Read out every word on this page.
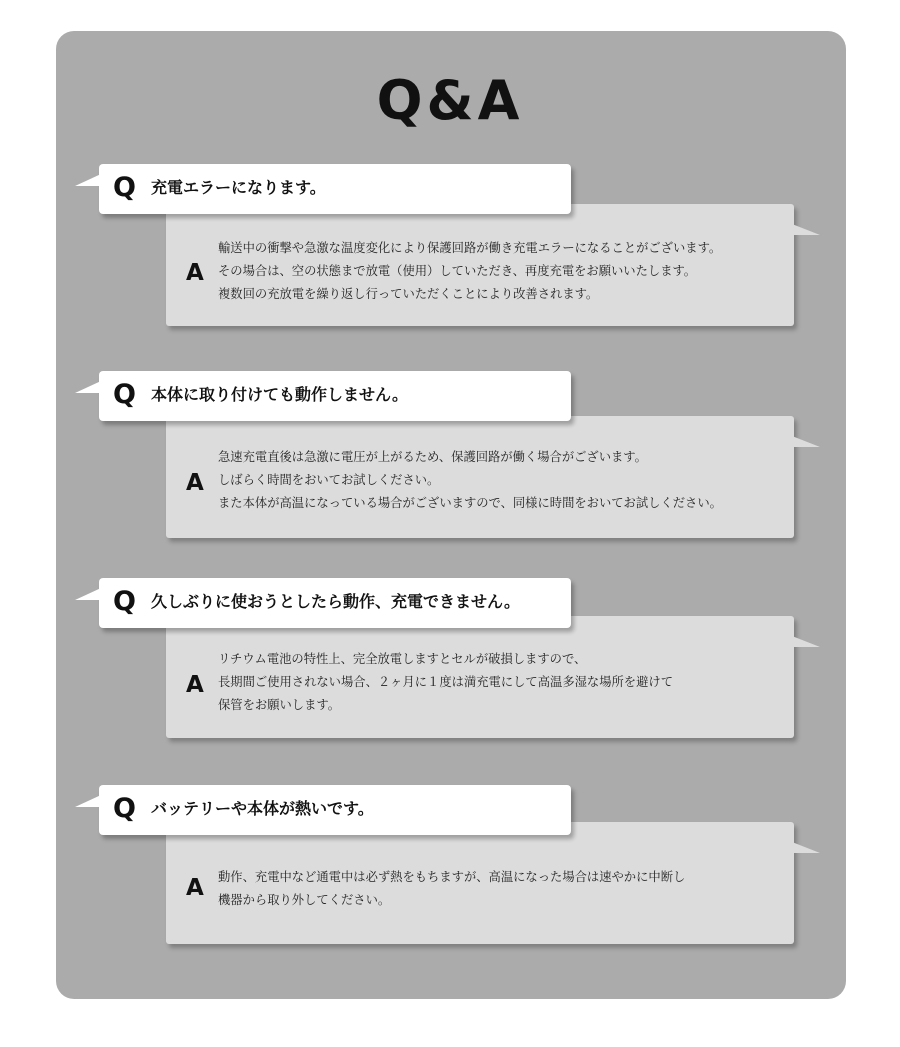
Q&A
A
輸送中の衝撃や急激な温度変化により保護回路が働き充電エラーになることがございます。
その場合は、空の状態まで放電（使用）していただき、再度充電をお願いいたします。
複数回の充放電を繰り返し行っていただくことにより改善されます。
Q 充電エラーになります。
A
急速充電直後は急激に電圧が上がるため、保護回路が働く場合がございます。
しばらく時間をおいてお試しください。
また本体が高温になっている場合がございますので、同様に時間をおいてお試しください。
Q 本体に取り付けても動作しません。
A
リチウム電池の特性上、完全放電しますとセルが破損しますので、
長期間ご使用されない場合、２ヶ月に１度は満充電にして高温多湿な場所を避けて
保管をお願いします。
Q 久しぶりに使おうとしたら動作、充電できません。
A 動作、充電中など通電中は必ず熱をもちますが、高温になった場合は速やかに中断し
機器から取り外してください。
Q バッテリーや本体が熱いです。
